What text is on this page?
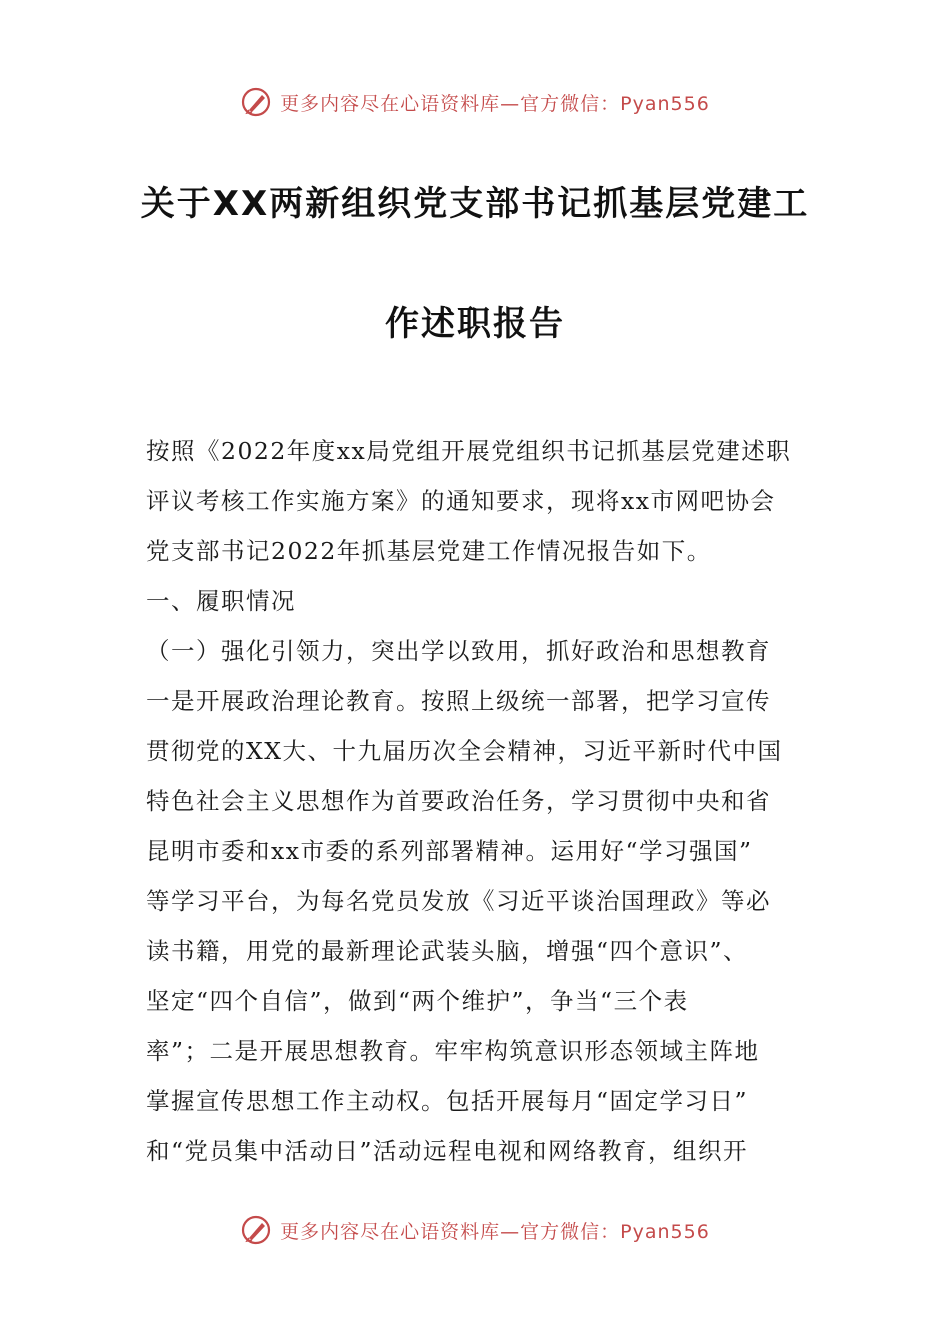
更多内容尽在心语资料库—官方微信：Pyan556
关于XX两新组织党支部书记抓基层党建工
作述职报告
按照《2022年度xx局党组开展党组织书记抓基层党建述职
评议考核工作实施方案》的通知要求，现将xx市网吧协会
党支部书记2022年抓基层党建工作情况报告如下。
一、履职情况
（一）强化引领力，突出学以致用，抓好政治和思想教育
一是开展政治理论教育。按照上级统一部署，把学习宣传
贯彻党的XX大、十九届历次全会精神，习近平新时代中国
特色社会主义思想作为首要政治任务，学习贯彻中央和省
昆明市委和xx市委的系列部署精神。运用好“学习强国”
等学习平台，为每名党员发放《习近平谈治国理政》等必
读书籍，用党的最新理论武装头脑，增强“四个意识”、
坚定“四个自信”，做到“两个维护”，争当“三个表
率”；二是开展思想教育。牢牢构筑意识形态领域主阵地
掌握宣传思想工作主动权。包括开展每月“固定学习日”
和“党员集中活动日”活动远程电视和网络教育，组织开
更多内容尽在心语资料库—官方微信：Pyan556
